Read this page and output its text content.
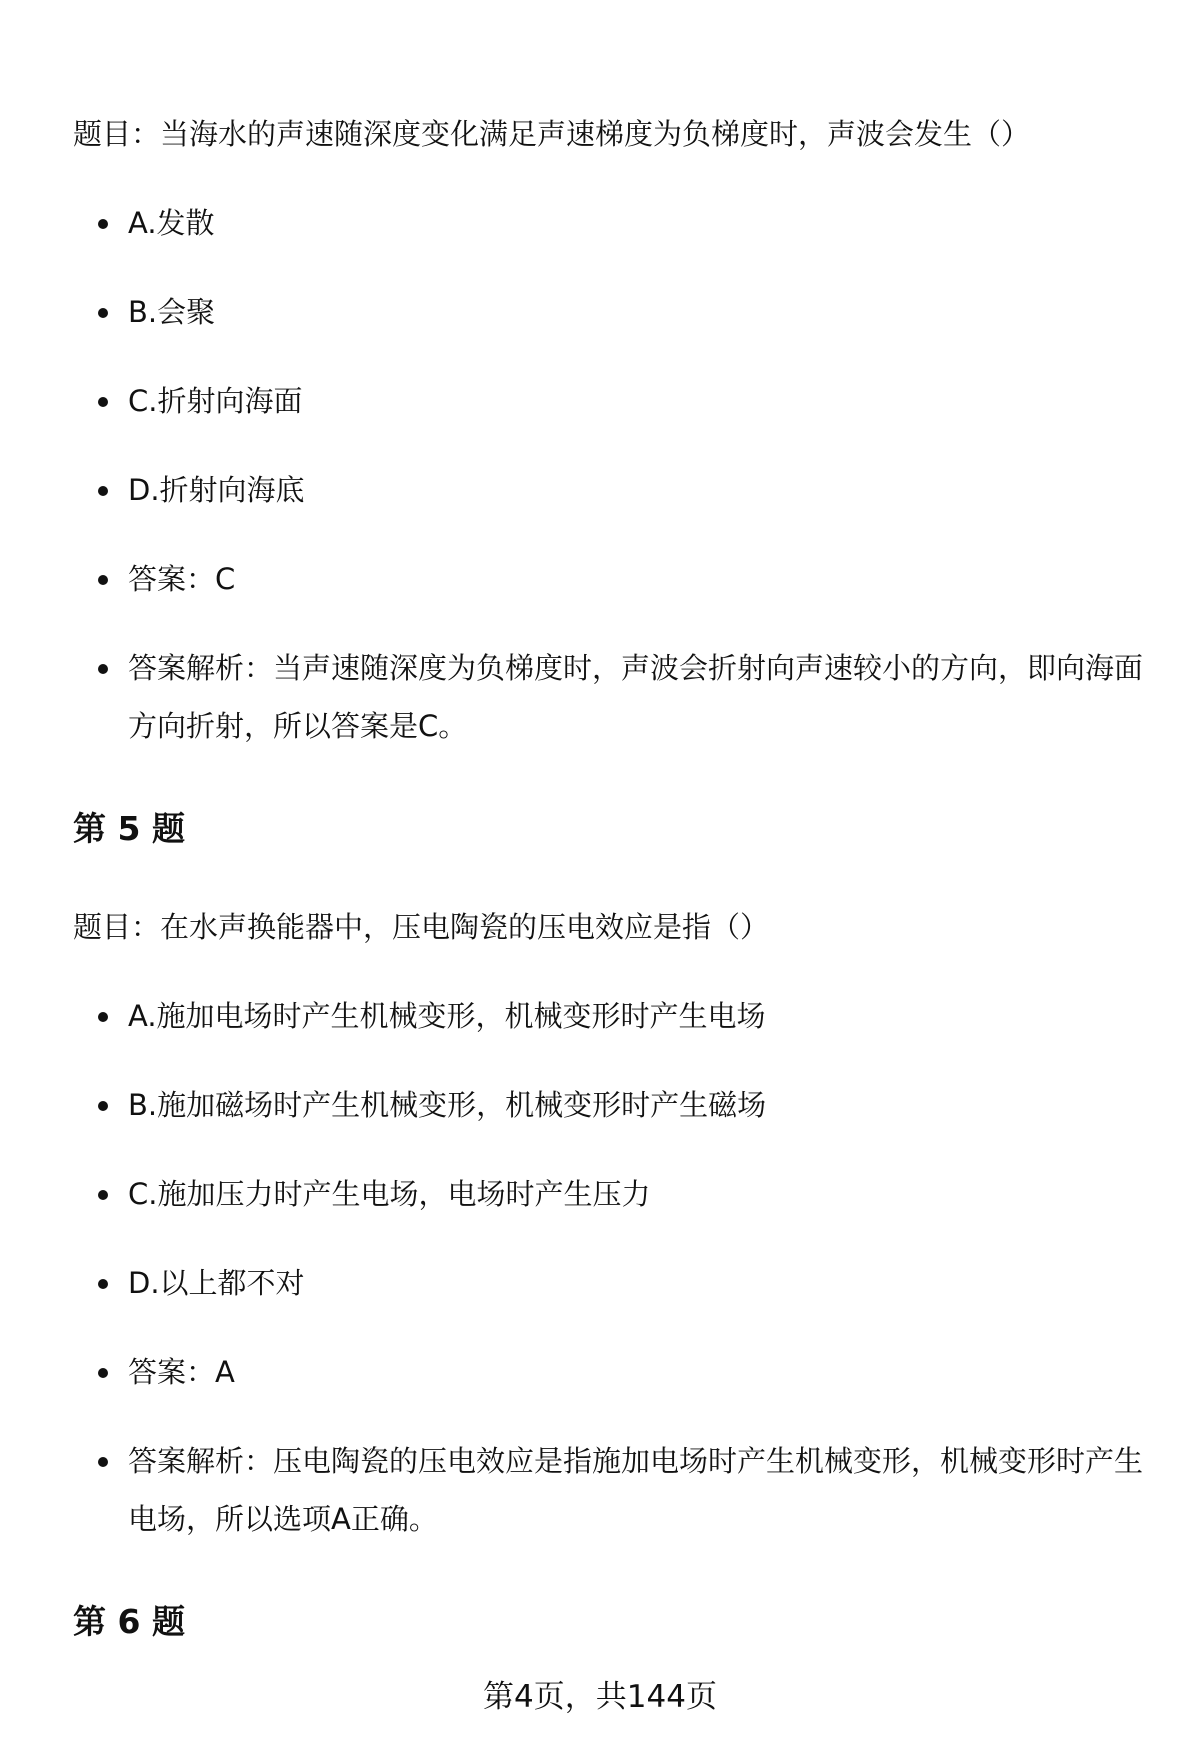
题目：当海水的声速随深度变化满足声速梯度为负梯度时，声波会发生（）
A.发散
B.会聚
C.折射向海面
D.折射向海底
答案：C
答案解析：当声速随深度为负梯度时，声波会折射向声速较小的方向，即向海面方向折射，所以答案是C。
第 5 题
题目：在水声换能器中，压电陶瓷的压电效应是指（）
A.施加电场时产生机械变形，机械变形时产生电场
B.施加磁场时产生机械变形，机械变形时产生磁场
C.施加压力时产生电场，电场时产生压力
D.以上都不对
答案：A
答案解析：压电陶瓷的压电效应是指施加电场时产生机械变形，机械变形时产生电场，所以选项A正确。
第 6 题
第4页，共144页
